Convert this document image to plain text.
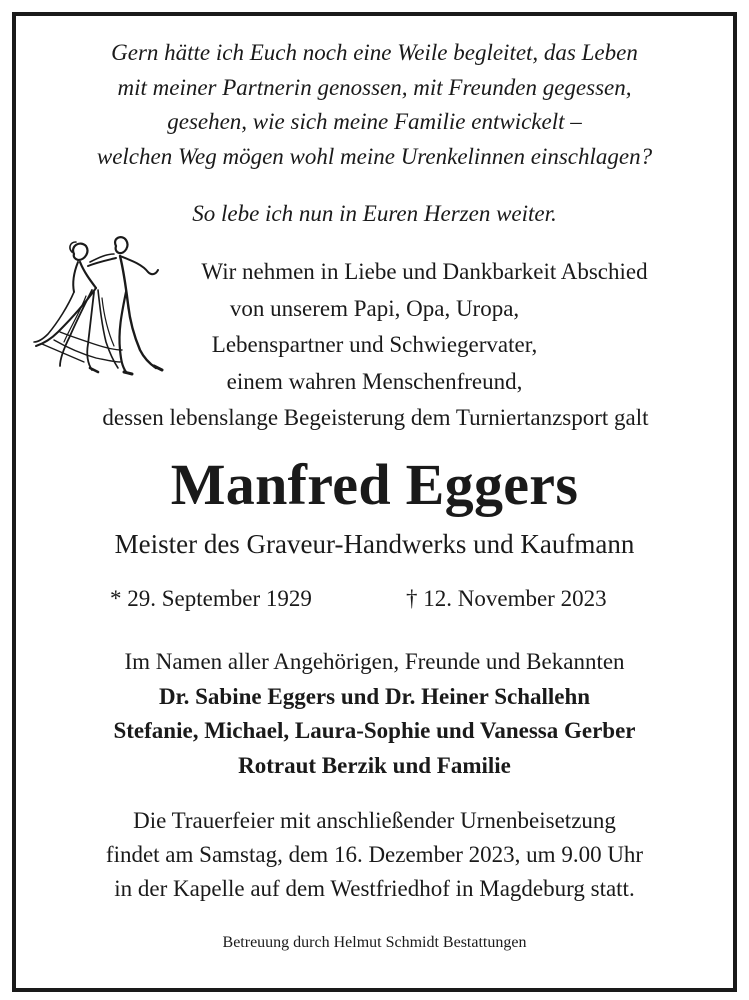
Gern hätte ich Euch noch eine Weile begleitet, das Leben
mit meiner Partnerin genossen, mit Freunden gegessen,
gesehen, wie sich meine Familie entwickelt –
welchen Weg mögen wohl meine Urenkelinnen einschlagen?
So lebe ich nun in Euren Herzen weiter.
Wir nehmen in Liebe und Dankbarkeit Abschied
von unserem Papi, Opa, Uropa,
Lebenspartner und Schwiegervater,
einem wahren Menschenfreund,
dessen lebenslange Begeisterung dem Turniertanzsport galt
Manfred Eggers
Meister des Graveur-Handwerks und Kaufmann
* 29. September 1929	† 12. November 2023
Im Namen aller Angehörigen, Freunde und Bekannten
Dr. Sabine Eggers und Dr. Heiner Schallehn
Stefanie, Michael, Laura-Sophie und Vanessa Gerber
Rotraut Berzik und Familie
Die Trauerfeier mit anschließender Urnenbeisetzung
findet am Samstag, dem 16. Dezember 2023, um 9.00 Uhr
in der Kapelle auf dem Westfriedhof in Magdeburg statt.
Betreuung durch Helmut Schmidt Bestattungen
